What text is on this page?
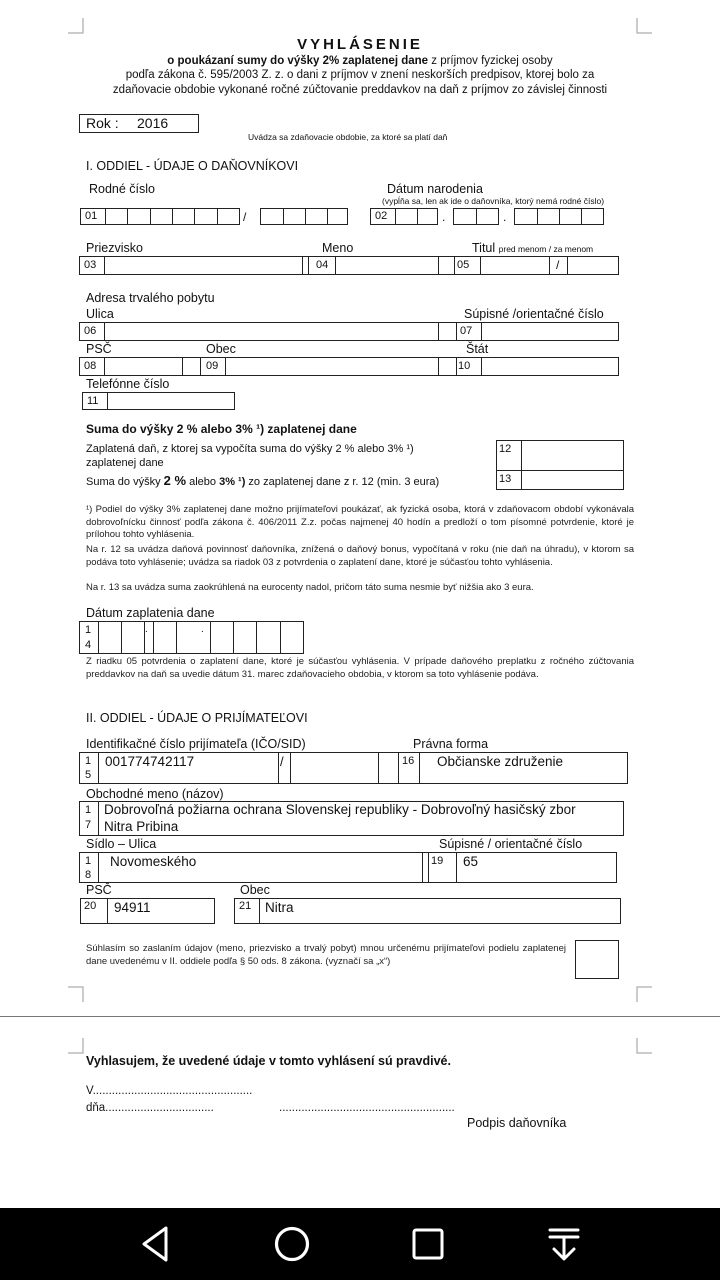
VYHLÁSENIE
o poukázaní sumy do výšky 2% zaplatenej dane z príjmov fyzickej osoby
podľa zákona č. 595/2003 Z. z. o dani z príjmov v znení neskorších predpisov, ktorej bolo za
zdaňovacie obdobie vykonané ročné zúčtovanie preddavkov na daň z príjmov zo závislej činnosti
Rok : 2016
Uvádza sa zdaňovacie obdobie, za ktoré sa platí daň
I. ODDIEL - ÚDAJE O DAŇOVNÍKOVI
Rodné číslo	Dátum narodenia
(vypĺňa sa, len ak ide o daňovníka, ktorý nemá rodné číslo)
01	/	02	.	.
Priezvisko	Meno	Titul pred menom / za menom
03	04	05	/
Adresa trvalého pobytu
Ulica	Súpisné /orientačné číslo
06	07
PSČ	Obec	Štát
08	09	10
Telefónne číslo
11
Suma do výšky 2 % alebo 3% ¹) zaplatenej dane
Zaplatená daň, z ktorej sa vypočíta suma do výšky 2 % alebo 3% ¹)
zaplatenej dane
Suma do výšky 2 % alebo 3% ¹) zo zaplatenej dane z r. 12 (min. 3 eura)
12
13
¹) Podiel do výšky 3% zaplatenej dane možno prijímateľovi poukázať, ak fyzická osoba, ktorá v zdaňovacom období vykonávala dobrovoľnícku činnosť podľa zákona č. 406/2011 Z.z. počas najmenej 40 hodín a predloží o tom písomné potvrdenie, ktoré je prílohou tohto vyhlásenia.
Na r. 12 sa uvádza daňová povinnosť daňovníka, znížená o daňový bonus, vypočítaná v roku (nie daň na úhradu), v ktorom sa podáva toto vyhlásenie; uvádza sa riadok 03 z potvrdenia o zaplatení dane, ktoré je súčasťou tohto vyhlásenia.
Na r. 13 sa uvádza suma zaokrúhlená na eurocenty nadol, pričom táto suma nesmie byť nižšia ako 3 eura.
Dátum zaplatenia dane
1
4
.	.
Z riadku 05 potvrdenia o zaplatení dane, ktoré je súčasťou vyhlásenia. V prípade daňového preplatku z ročného zúčtovania preddavkov na daň sa uvedie dátum 31. marec zdaňovacieho obdobia, v ktorom sa toto vyhlásenie podáva.
II. ODDIEL - ÚDAJE O PRIJÍMATEĽOVI
Identifikačné číslo prijímateľa (IČO/SID)	Právna forma
1
5
001774742117	/	16 Občianske združenie
Obchodné meno (názov)
1
7
Dobrovoľná požiarna ochrana Slovenskej republiky - Dobrovoľný hasičský zbor
Nitra Pribina
Sídlo – Ulica	Súpisné / orientačné číslo
1
8
Novomeského	19 65
PSČ	Obec
20 94911	21 Nitra
Súhlasím so zaslaním údajov (meno, priezvisko a trvalý pobyt) mnou určenému prijímateľovi podielu zaplatenej dane uvedenému v II. oddiele podľa § 50 ods. 8 zákona. (vyznačí sa „x“)
Vyhlasujem, že uvedené údaje v tomto vyhlásení sú pravdivé.
V..................................................
dňa..................................	.......................................................
Podpis daňovníka
